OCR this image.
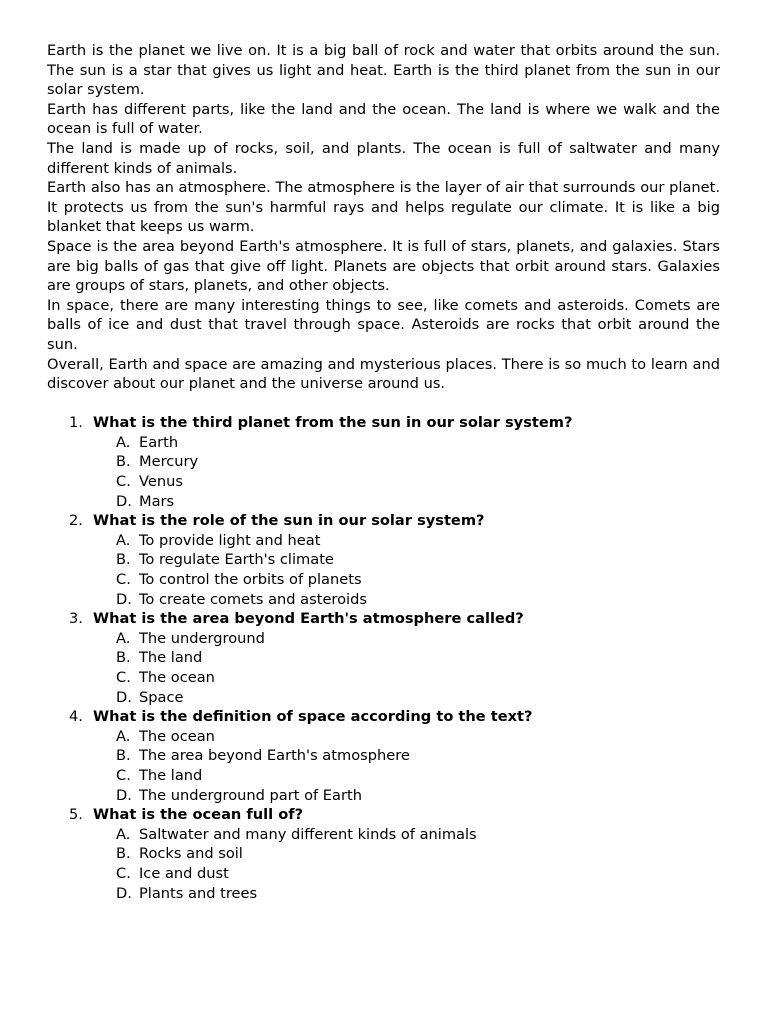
Earth is the planet we live on. It is a big ball of rock and water that orbits around the sun. The sun is a star that gives us light and heat. Earth is the third planet from the sun in our solar system.

Earth has different parts, like the land and the ocean. The land is where we walk and the ocean is full of water.

The land is made up of rocks, soil, and plants. The ocean is full of saltwater and many different kinds of animals.

Earth also has an atmosphere. The atmosphere is the layer of air that surrounds our planet. It protects us from the sun's harmful rays and helps regulate our climate. It is like a big blanket that keeps us warm.

Space is the area beyond Earth's atmosphere. It is full of stars, planets, and galaxies. Stars are big balls of gas that give off light. Planets are objects that orbit around stars. Galaxies are groups of stars, planets, and other objects.

In space, there are many interesting things to see, like comets and asteroids. Comets are balls of ice and dust that travel through space. Asteroids are rocks that orbit around the sun.

Overall, Earth and space are amazing and mysterious places. There is so much to learn and discover about our planet and the universe around us.

1. What is the third planet from the sun in our solar system?
A. Earth
B. Mercury
C. Venus
D. Mars
2. What is the role of the sun in our solar system?
A. To provide light and heat
B. To regulate Earth's climate
C. To control the orbits of planets
D. To create comets and asteroids
3. What is the area beyond Earth's atmosphere called?
A. The underground
B. The land
C. The ocean
D. Space
4. What is the definition of space according to the text?
A. The ocean
B. The area beyond Earth's atmosphere
C. The land
D. The underground part of Earth
5. What is the ocean full of?
A. Saltwater and many different kinds of animals
B. Rocks and soil
C. Ice and dust
D. Plants and trees
